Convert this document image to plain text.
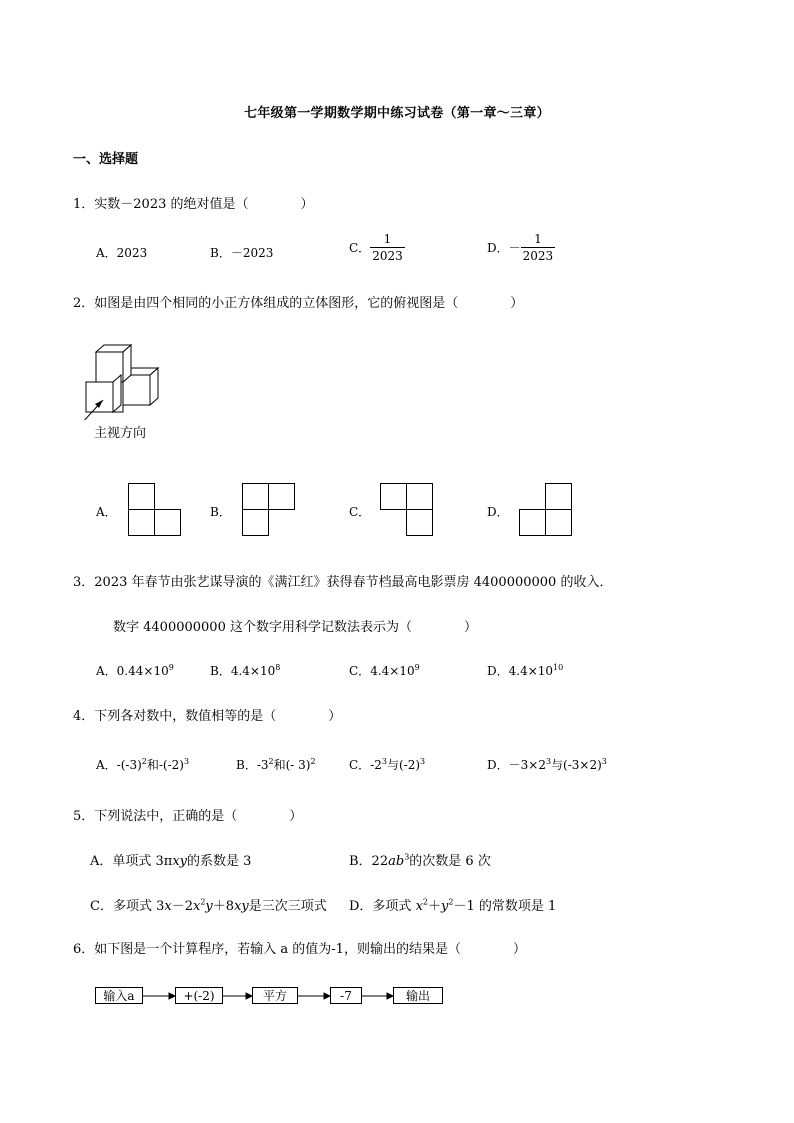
七年级第一学期数学期中练习试卷（第一章～三章）
一、选择题
1．实数－2023 的绝对值是（　　　　）
A．2023	B．－2023	C． $\frac{1}{2023}$	D．－ $\frac{1}{2023}$
2．如图是由四个相同的小正方体组成的立体图形，它的俯视图是（　　　　）
主视方向
A．	B．	C．	D．
3．2023 年春节由张艺谋导演的《满江红》获得春节档最高电影票房 4400000000 的收入．
数字 4400000000 这个数字用科学记数法表示为（　　　　）
A．$0.44\times 10^9$	B．$4.4\times 10^8$	C．$4.4\times 10^9$	D．$4.4\times 10^{10}$
4．下列各对数中，数值相等的是（　　　　）
A．$-(-3)^2$和$-(-2)^3$	B．$-3^2$和(- 3)$^2$	C．$-2^3$与$(-2)^3$	D．$-3\times 2^3$与$(-3\times 2)^3$
5．下列说法中，正确的是（　　　　）
A．单项式 3πxy的系数是 3	B．$22ab^3$的次数是 6 次
C．多项式 $3x-2x^2y+8xy$是三次三项式 D．多项式 $x^2+y^2-1$ 的常数项是 1
6．如下图是一个计算程序，若输入 a 的值为-1，则输出的结果是（　　　　）
输入a	+(-2)	平方	-7	输出
